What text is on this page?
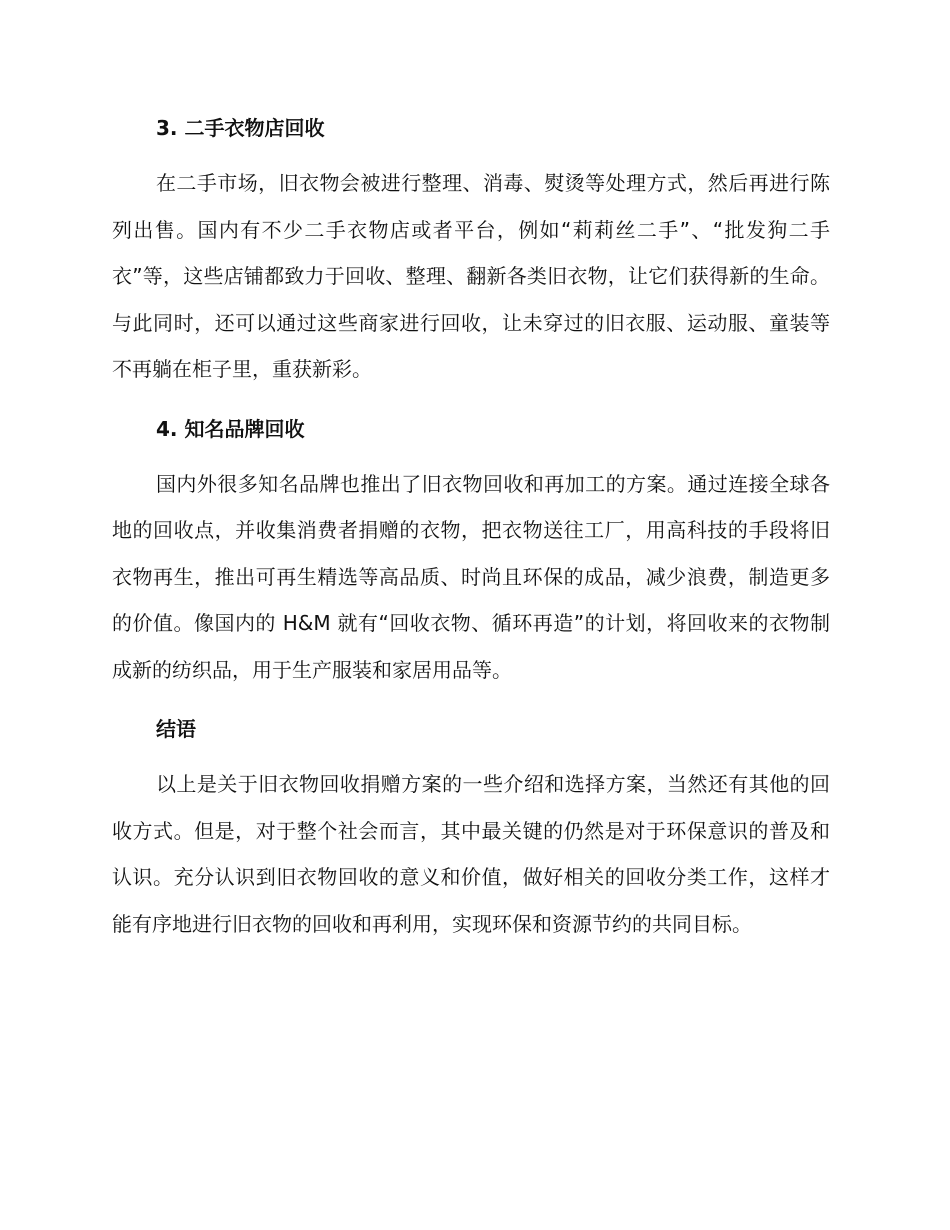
3. 二手衣物店回收

在二手市场，旧衣物会被进行整理、消毒、熨烫等处理方式，然后再进行陈列出售。国内有不少二手衣物店或者平台，例如“莉莉丝二手”、“批发狗二手衣”等，这些店铺都致力于回收、整理、翻新各类旧衣物，让它们获得新的生命。与此同时，还可以通过这些商家进行回收，让未穿过的旧衣服、运动服、童装等不再躺在柜子里，重获新彩。

4. 知名品牌回收

国内外很多知名品牌也推出了旧衣物回收和再加工的方案。通过连接全球各地的回收点，并收集消费者捐赠的衣物，把衣物送往工厂，用高科技的手段将旧衣物再生，推出可再生精选等高品质、时尚且环保的成品，减少浪费，制造更多的价值。像国内的 H&M 就有“回收衣物、循环再造”的计划，将回收来的衣物制成新的纺织品，用于生产服装和家居用品等。

结语

以上是关于旧衣物回收捐赠方案的一些介绍和选择方案，当然还有其他的回收方式。但是，对于整个社会而言，其中最关键的仍然是对于环保意识的普及和认识。充分认识到旧衣物回收的意义和价值，做好相关的回收分类工作，这样才能有序地进行旧衣物的回收和再利用，实现环保和资源节约的共同目标。
